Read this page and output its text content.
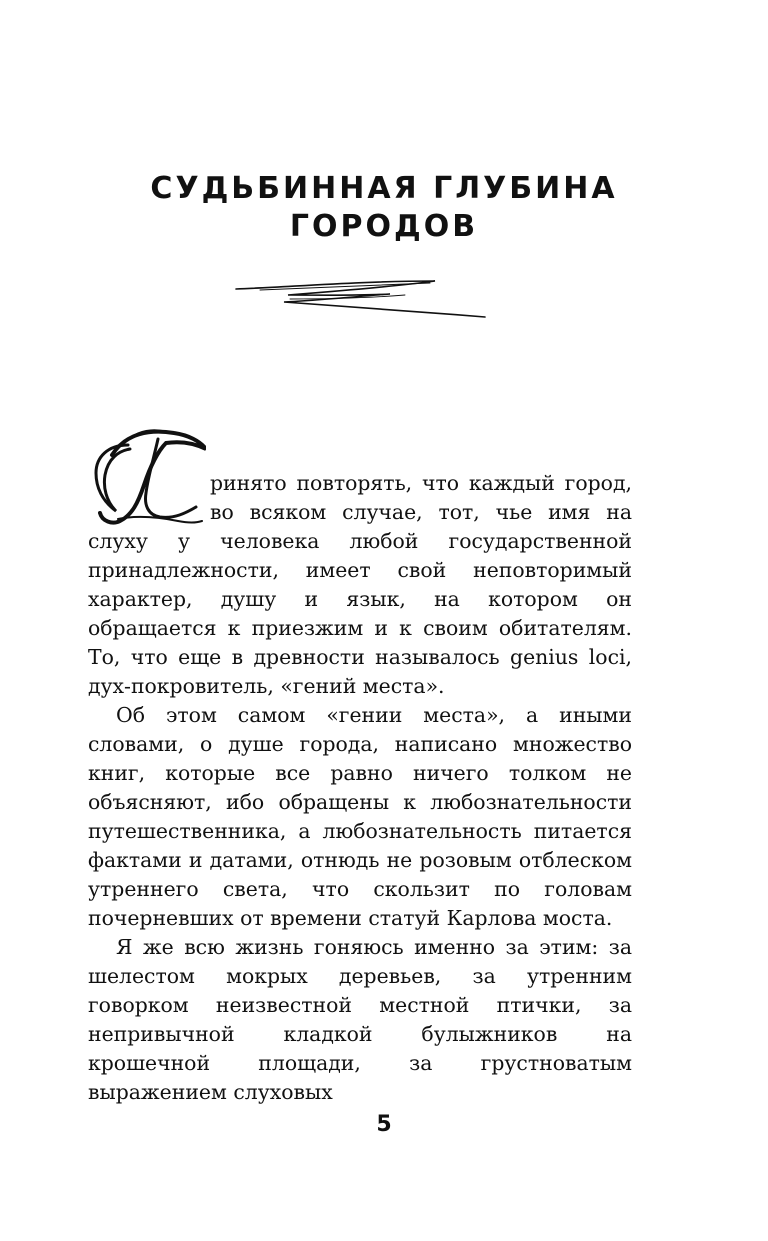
СУДЬБИННАЯ ГЛУБИНА
ГОРОДОВ

ринято повторять, что каждый город, во всяком случае, тот, чье имя на слуху у человека любой государственной принадлежности, имеет свой неповторимый характер, душу и язык, на котором он обращается к приезжим и к своим обитателям. То, что еще в древности называлось genius loci, дух-покровитель, «гений места».

Об этом самом «гении места», а иными словами, о душе города, написано множество книг, которые все равно ничего толком не объясняют, ибо обращены к любознательности путешественника, а любознательность питается фактами и датами, отнюдь не розовым отблеском утреннего света, что скользит по головам почерневших от времени статуй Карлова моста.

Я же всю жизнь гоняюсь именно за этим: за шелестом мокрых деревьев, за утренним говорком неизвестной местной птички, за непривычной кладкой булыжников на крошечной площади, за грустноватым выражением слуховых

5
